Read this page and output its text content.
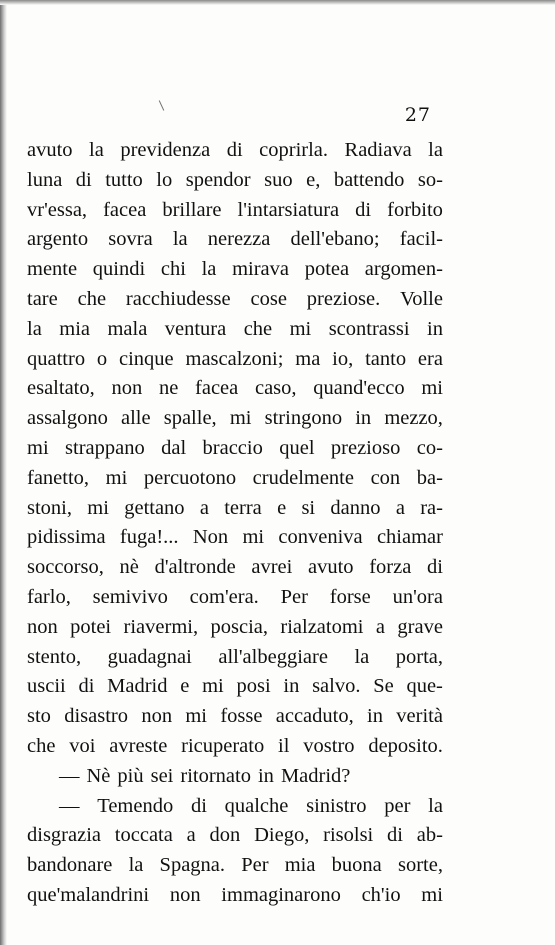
27
avuto la previdenza di coprirla. Radiava la
luna di tutto lo spendor suo e, battendo so-
vr'essa, facea brillare l'intarsiatura di forbito
argento sovra la nerezza dell'ebano; facil-
mente quindi chi la mirava potea argomen-
tare che racchiudesse cose preziose. Volle
la mia mala ventura che mi scontrassi in
quattro o cinque mascalzoni; ma io, tanto era
esaltato, non ne facea caso, quand'ecco mi
assalgono alle spalle, mi stringono in mezzo,
mi strappano dal braccio quel prezioso co-
fanetto, mi percuotono crudelmente con ba-
stoni, mi gettano a terra e si danno a ra-
pidissima fuga!... Non mi conveniva chiamar
soccorso, nè d'altronde avrei avuto forza di
farlo, semivivo com'era. Per forse un'ora
non potei riavermi, poscia, rialzatomi a grave
stento, guadagnai all'albeggiare la porta,
uscii di Madrid e mi posi in salvo. Se que-
sto disastro non mi fosse accaduto, in verità
che voi avreste ricuperato il vostro deposito.
— Nè più sei ritornato in Madrid?
— Temendo di qualche sinistro per la
disgrazia toccata a don Diego, risolsi di ab-
bandonare la Spagna. Per mia buona sorte,
que'malandrini non immaginarono ch'io mi
